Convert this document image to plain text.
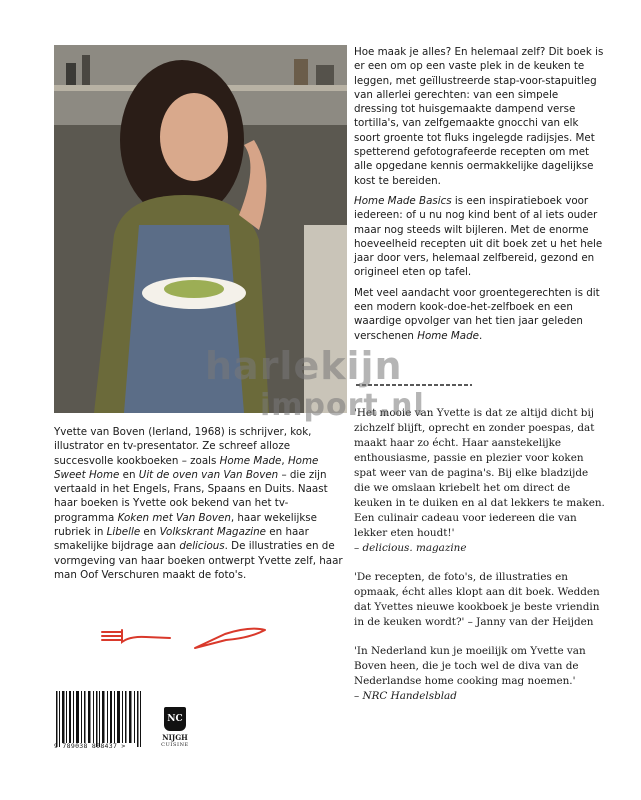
Hoe maak je alles? En helemaal zelf? Dit boek is er een om op een vaste plek in de keuken te leggen, met geïllustreerde stap-voor-stapuitleg van allerlei gerechten: van een simpele dressing tot huisgemaakte dampend verse tortilla's, van zelfgemaakte gnocchi van elk soort groente tot fluks ingelegde radijsjes. Met spetterend gefotografeerde recepten om met alle opgedane kennis oermakkelijke dagelijkse kost te bereiden.

Home Made Basics is een inspiratieboek voor iedereen: of u nu nog kind bent of al iets ouder maar nog steeds wilt bijleren. Met de enorme hoeveelheid recepten uit dit boek zet u het hele jaar door vers, helemaal zelfbereid, gezond en origineel eten op tafel.

Met veel aandacht voor groentegerechten is dit een modern kook-doe-het-zelfboek en een waardige opvolger van het tien jaar geleden verschenen Home Made.

Yvette van Boven (Ierland, 1968) is schrijver, kok, illustrator en tv-presentator. Ze schreef alloze succesvolle kookboeken – zoals Home Made, Home Sweet Home en Uit de oven van Van Boven – die zijn vertaald in het Engels, Frans, Spaans en Duits. Naast haar boeken is Yvette ook bekend van het tv-programma Koken met Van Boven, haar wekelijkse rubriek in Libelle en Volkskrant Magazine en haar smakelijke bijdrage aan delicious. De illustraties en de vormgeving van haar boeken ontwerpt Yvette zelf, haar man Oof Verschuren maakt de foto's.

'Het mooie van Yvette is dat ze altijd dicht bij zichzelf blijft, oprecht en zonder poespas, dat maakt haar zo écht. Haar aanstekelijke enthousiasme, passie en plezier voor koken spat weer van de pagina's. Bij elke bladzijde die we omslaan kriebelt het om direct de keuken in te duiken en al dat lekkers te maken. Een culinair cadeau voor iedereen die van lekker eten houdt!'
– delicious. magazine

'De recepten, de foto's, de illustraties en opmaak, écht alles klopt aan dit boek. Wedden dat Yvettes nieuwe kookboek je beste vriendin in de keuken wordt?' – Janny van der Heijden

'In Nederland kun je moeilijk om Yvette van Boven heen, die je toch wel de diva van de Nederlandse home cooking mag noemen.'
– NRC Handelsblad

harlekijn
import.nl
9 789038 808437 >
NC
NIJGH
CUISINE
